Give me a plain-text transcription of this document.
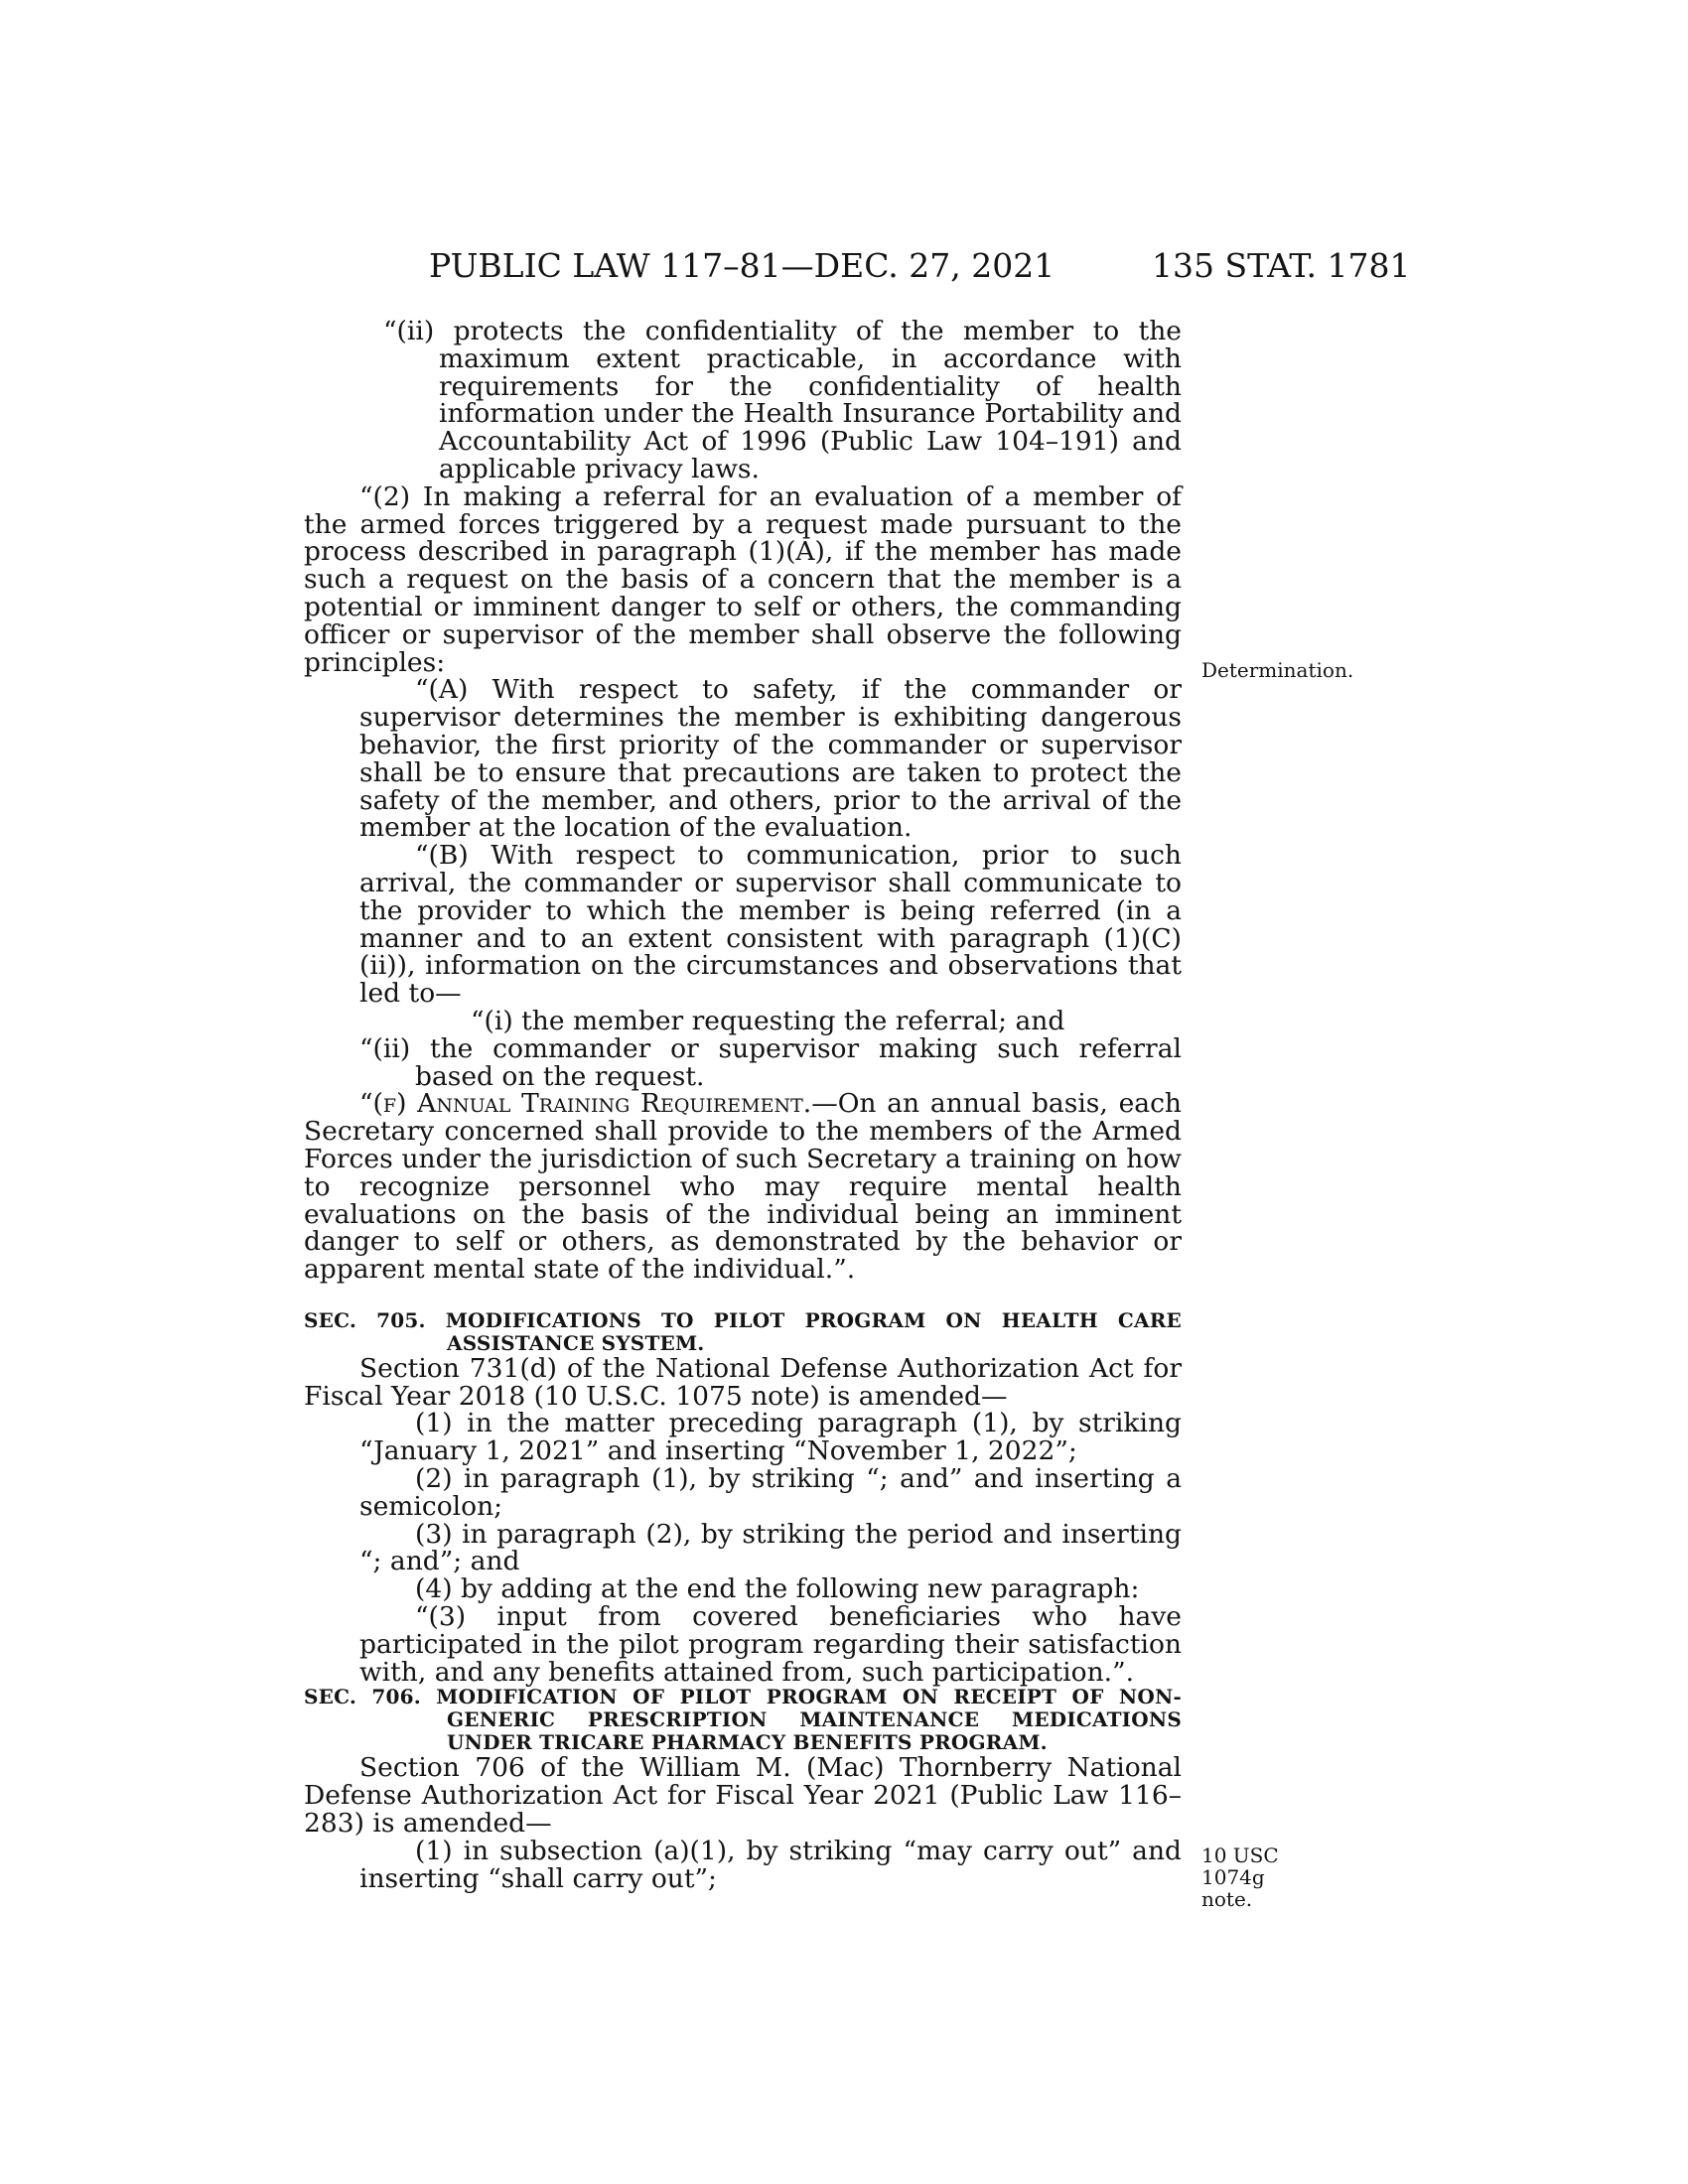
PUBLIC LAW 117–81—DEC. 27, 2021	135 STAT. 1781
Determination.
10 USC 1074g note.

“(ii) protects the confidentiality of the member to the maximum extent practicable, in accordance with requirements for the confidentiality of health information under the Health Insurance Portability and Accountability Act of 1996 (Public Law 104–191) and applicable privacy laws.

“(2) In making a referral for an evaluation of a member of the armed forces triggered by a request made pursuant to the process described in paragraph (1)(A), if the member has made such a request on the basis of a concern that the member is a potential or imminent danger to self or others, the commanding officer or supervisor of the member shall observe the following principles:

“(A) With respect to safety, if the commander or supervisor determines the member is exhibiting dangerous behavior, the first priority of the commander or supervisor shall be to ensure that precautions are taken to protect the safety of the member, and others, prior to the arrival of the member at the location of the evaluation.

“(B) With respect to communication, prior to such arrival, the commander or supervisor shall communicate to the provider to which the member is being referred (in a manner and to an extent consistent with paragraph (1)(C)(ii)), information on the circumstances and observations that led to—

“(i) the member requesting the referral; and

“(ii) the commander or supervisor making such referral based on the request.

“(f) Annual Training Requirement.—On an annual basis, each Secretary concerned shall provide to the members of the Armed Forces under the jurisdiction of such Secretary a training on how to recognize personnel who may require mental health evaluations on the basis of the individual being an imminent danger to self or others, as demonstrated by the behavior or apparent mental state of the individual.”.

SEC. 705. MODIFICATIONS TO PILOT PROGRAM ON HEALTH CARE ASSISTANCE SYSTEM.

Section 731(d) of the National Defense Authorization Act for Fiscal Year 2018 (10 U.S.C. 1075 note) is amended—

(1) in the matter preceding paragraph (1), by striking “January 1, 2021” and inserting “November 1, 2022”;

(2) in paragraph (1), by striking “; and” and inserting a semicolon;

(3) in paragraph (2), by striking the period and inserting “; and”; and

(4) by adding at the end the following new paragraph:

“(3) input from covered beneficiaries who have participated in the pilot program regarding their satisfaction with, and any benefits attained from, such participation.”.

SEC. 706. MODIFICATION OF PILOT PROGRAM ON RECEIPT OF NON-GENERIC PRESCRIPTION MAINTENANCE MEDICATIONS UNDER TRICARE PHARMACY BENEFITS PROGRAM.

Section 706 of the William M. (Mac) Thornberry National Defense Authorization Act for Fiscal Year 2021 (Public Law 116–283) is amended—

(1) in subsection (a)(1), by striking “may carry out” and inserting “shall carry out”;
